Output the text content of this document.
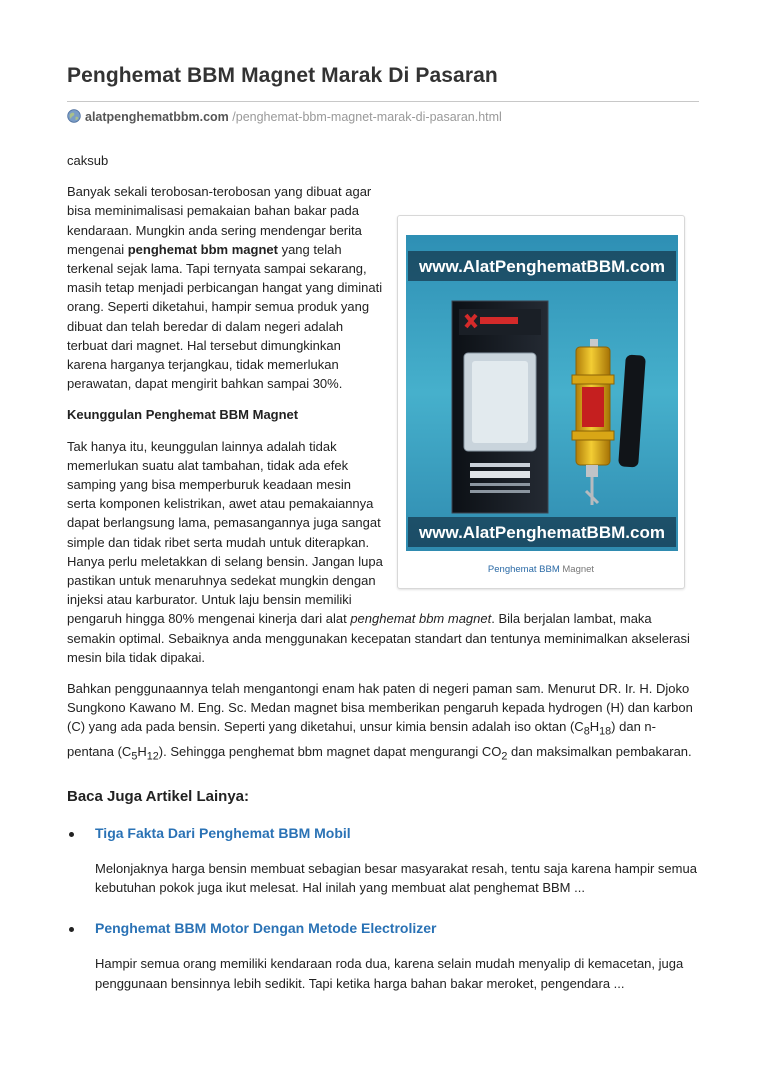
Penghemat BBM Magnet Marak Di Pasaran
alatpenghematbbm.com /penghemat-bbm-magnet-marak-di-pasaran.html

caksub

www.AlatPenghematBBM.com
www.AlatPenghematBBM.com
Penghemat BBM Magnet

Banyak sekali terobosan-terobosan yang dibuat agar bisa meminimalisasi pemakaian bahan bakar pada kendaraan. Mungkin anda sering mendengar berita mengenai penghemat bbm magnet yang telah terkenal sejak lama. Tapi ternyata sampai sekarang, masih tetap menjadi perbicangan hangat yang diminati orang. Seperti diketahui, hampir semua produk yang dibuat dan telah beredar di dalam negeri adalah terbuat dari magnet. Hal tersebut dimungkinkan karena harganya terjangkau, tidak memerlukan perawatan, dapat mengirit bahkan sampai 30%.

Keunggulan Penghemat BBM Magnet

Tak hanya itu, keunggulan lainnya adalah tidak memerlukan suatu alat tambahan, tidak ada efek samping yang bisa memperburuk keadaan mesin serta komponen kelistrikan, awet atau pemakaiannya dapat berlangsung lama, pemasangannya juga sangat simple dan tidak ribet serta mudah untuk diterapkan. Hanya perlu meletakkan di selang bensin. Jangan lupa pastikan untuk menaruhnya sedekat mungkin dengan injeksi atau karburator. Untuk laju bensin memiliki pengaruh hingga 80% mengenai kinerja dari alat penghemat bbm magnet. Bila berjalan lambat, maka semakin optimal. Sebaiknya anda menggunakan kecepatan standart dan tentunya meminimalkan akselerasi mesin bila tidak dipakai.

Bahkan penggunaannya telah mengantongi enam hak paten di negeri paman sam. Menurut DR. Ir. H. Djoko Sungkono Kawano M. Eng. Sc. Medan magnet bisa memberikan pengaruh kepada hydrogen (H) dan karbon (C) yang ada pada bensin. Seperti yang diketahui, unsur kimia bensin adalah iso oktan $(C_8H_{18})$ dan n-pentana $(C_5H_{12})$. Sehingga penghemat bbm magnet dapat mengurangi $CO_2$ dan maksimalkan pembakaran.

Baca Juga Artikel Lainya:
Tiga Fakta Dari Penghemat BBM Mobil

Melonjaknya harga bensin membuat sebagian besar masyarakat resah, tentu saja karena hampir semua kebutuhan pokok juga ikut melesat. Hal inilah yang membuat alat penghemat BBM ...

Penghemat BBM Motor Dengan Metode Electrolizer

Hampir semua orang memiliki kendaraan roda dua, karena selain mudah menyalip di kemacetan, juga penggunaan bensinnya lebih sedikit. Tapi ketika harga bahan bakar meroket, pengendara ...
